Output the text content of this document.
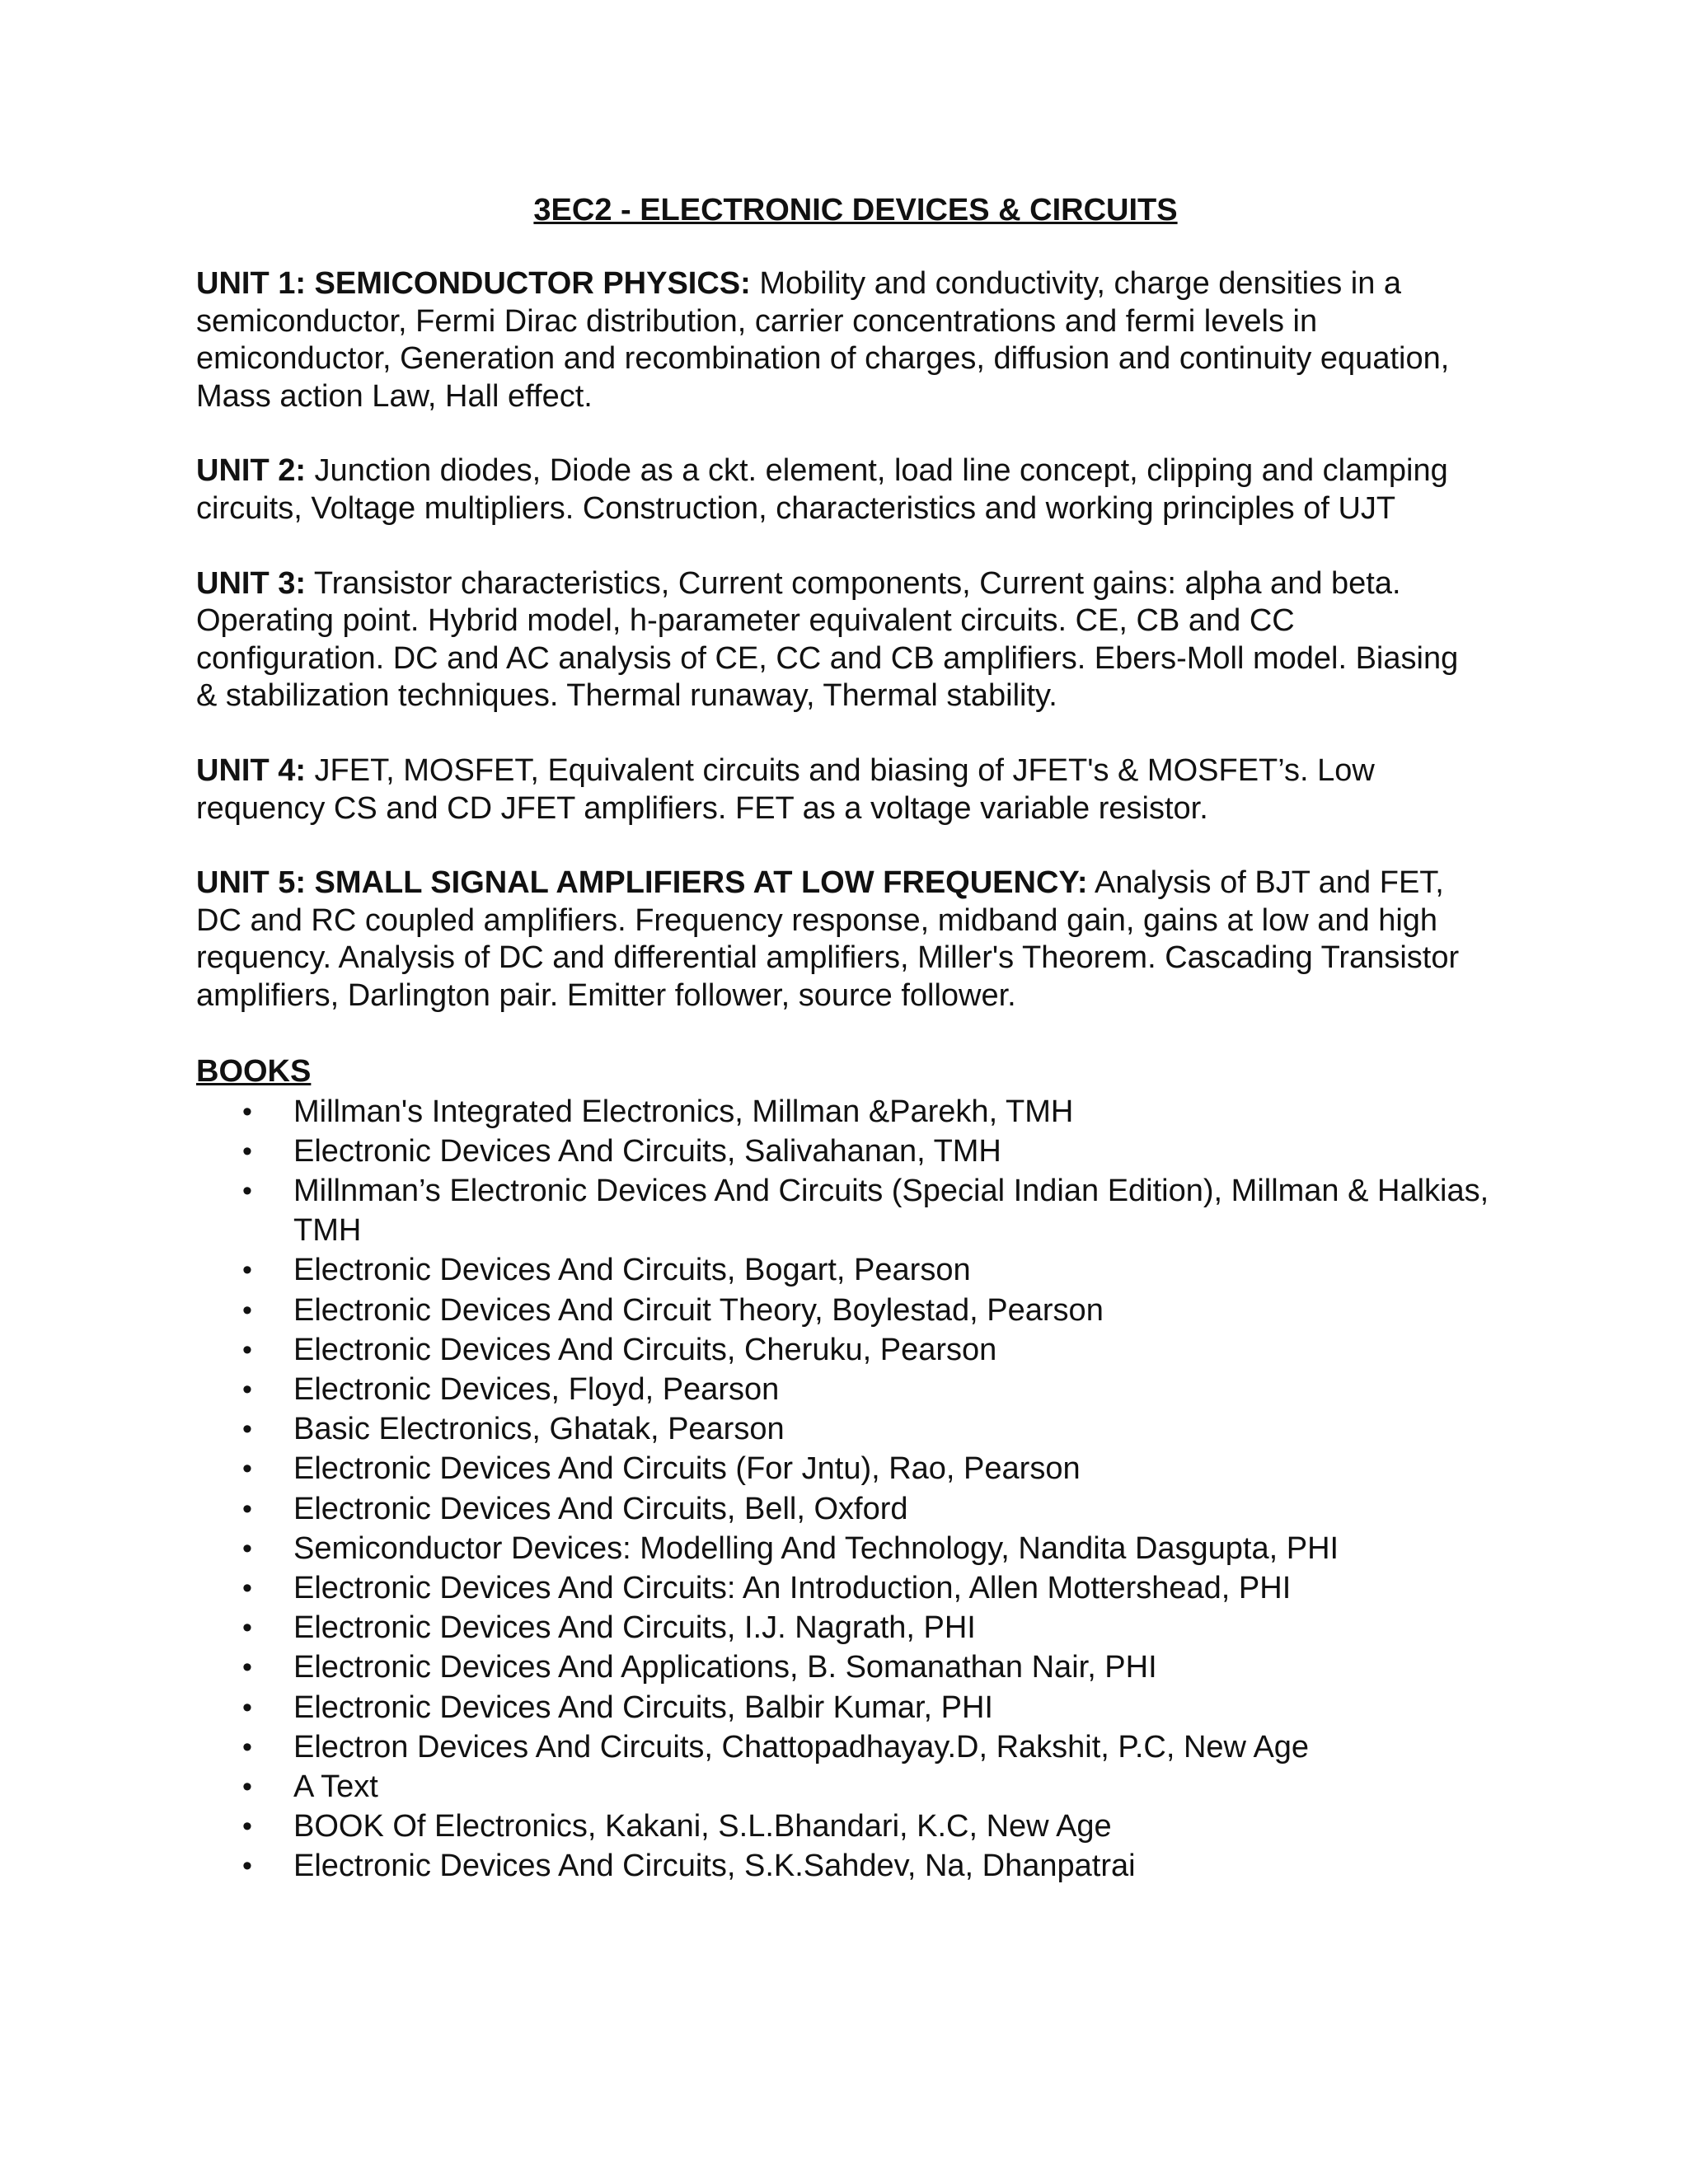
3EC2 - ELECTRONIC DEVICES & CIRCUITS

UNIT 1: SEMICONDUCTOR PHYSICS: Mobility and conductivity, charge densities in a semiconductor, Fermi Dirac distribution, carrier concentrations and fermi levels in emiconductor, Generation and recombination of charges, diffusion and continuity equation, Mass action Law, Hall effect.

UNIT 2: Junction diodes, Diode as a ckt. element, load line concept, clipping and clamping circuits, Voltage multipliers. Construction, characteristics and working principles of UJT

UNIT 3: Transistor characteristics, Current components, Current gains: alpha and beta. Operating point. Hybrid model, h-parameter equivalent circuits. CE, CB and CC configuration. DC and AC analysis of CE, CC and CB amplifiers. Ebers-Moll model. Biasing & stabilization techniques. Thermal runaway, Thermal stability.

UNIT 4: JFET, MOSFET, Equivalent circuits and biasing of JFET's & MOSFET’s. Low requency CS and CD JFET amplifiers. FET as a voltage variable resistor.

UNIT 5: SMALL SIGNAL AMPLIFIERS AT LOW FREQUENCY: Analysis of BJT and FET, DC and RC coupled amplifiers. Frequency response, midband gain, gains at low and high requency. Analysis of DC and differential amplifiers, Miller's Theorem. Cascading Transistor amplifiers, Darlington pair. Emitter follower, source follower.

BOOKS
• Millman's Integrated Electronics, Millman &Parekh, TMH
• Electronic Devices And Circuits, Salivahanan, TMH
• Millnman’s Electronic Devices And Circuits (Special Indian Edition), Millman & Halkias, TMH
• Electronic Devices And Circuits, Bogart, Pearson
• Electronic Devices And Circuit Theory, Boylestad, Pearson
• Electronic Devices And Circuits, Cheruku, Pearson
• Electronic Devices, Floyd, Pearson
• Basic Electronics, Ghatak, Pearson
• Electronic Devices And Circuits (For Jntu), Rao, Pearson
• Electronic Devices And Circuits, Bell, Oxford
• Semiconductor Devices: Modelling And Technology, Nandita Dasgupta, PHI
• Electronic Devices And Circuits: An Introduction, Allen Mottershead, PHI
• Electronic Devices And Circuits, I.J. Nagrath, PHI
• Electronic Devices And Applications, B. Somanathan Nair, PHI
• Electronic Devices And Circuits, Balbir Kumar, PHI
• Electron Devices And Circuits, Chattopadhayay.D, Rakshit, P.C, New Age
• A Text
• BOOK Of Electronics, Kakani, S.L.Bhandari, K.C, New Age
• Electronic Devices And Circuits, S.K.Sahdev, Na, Dhanpatrai
